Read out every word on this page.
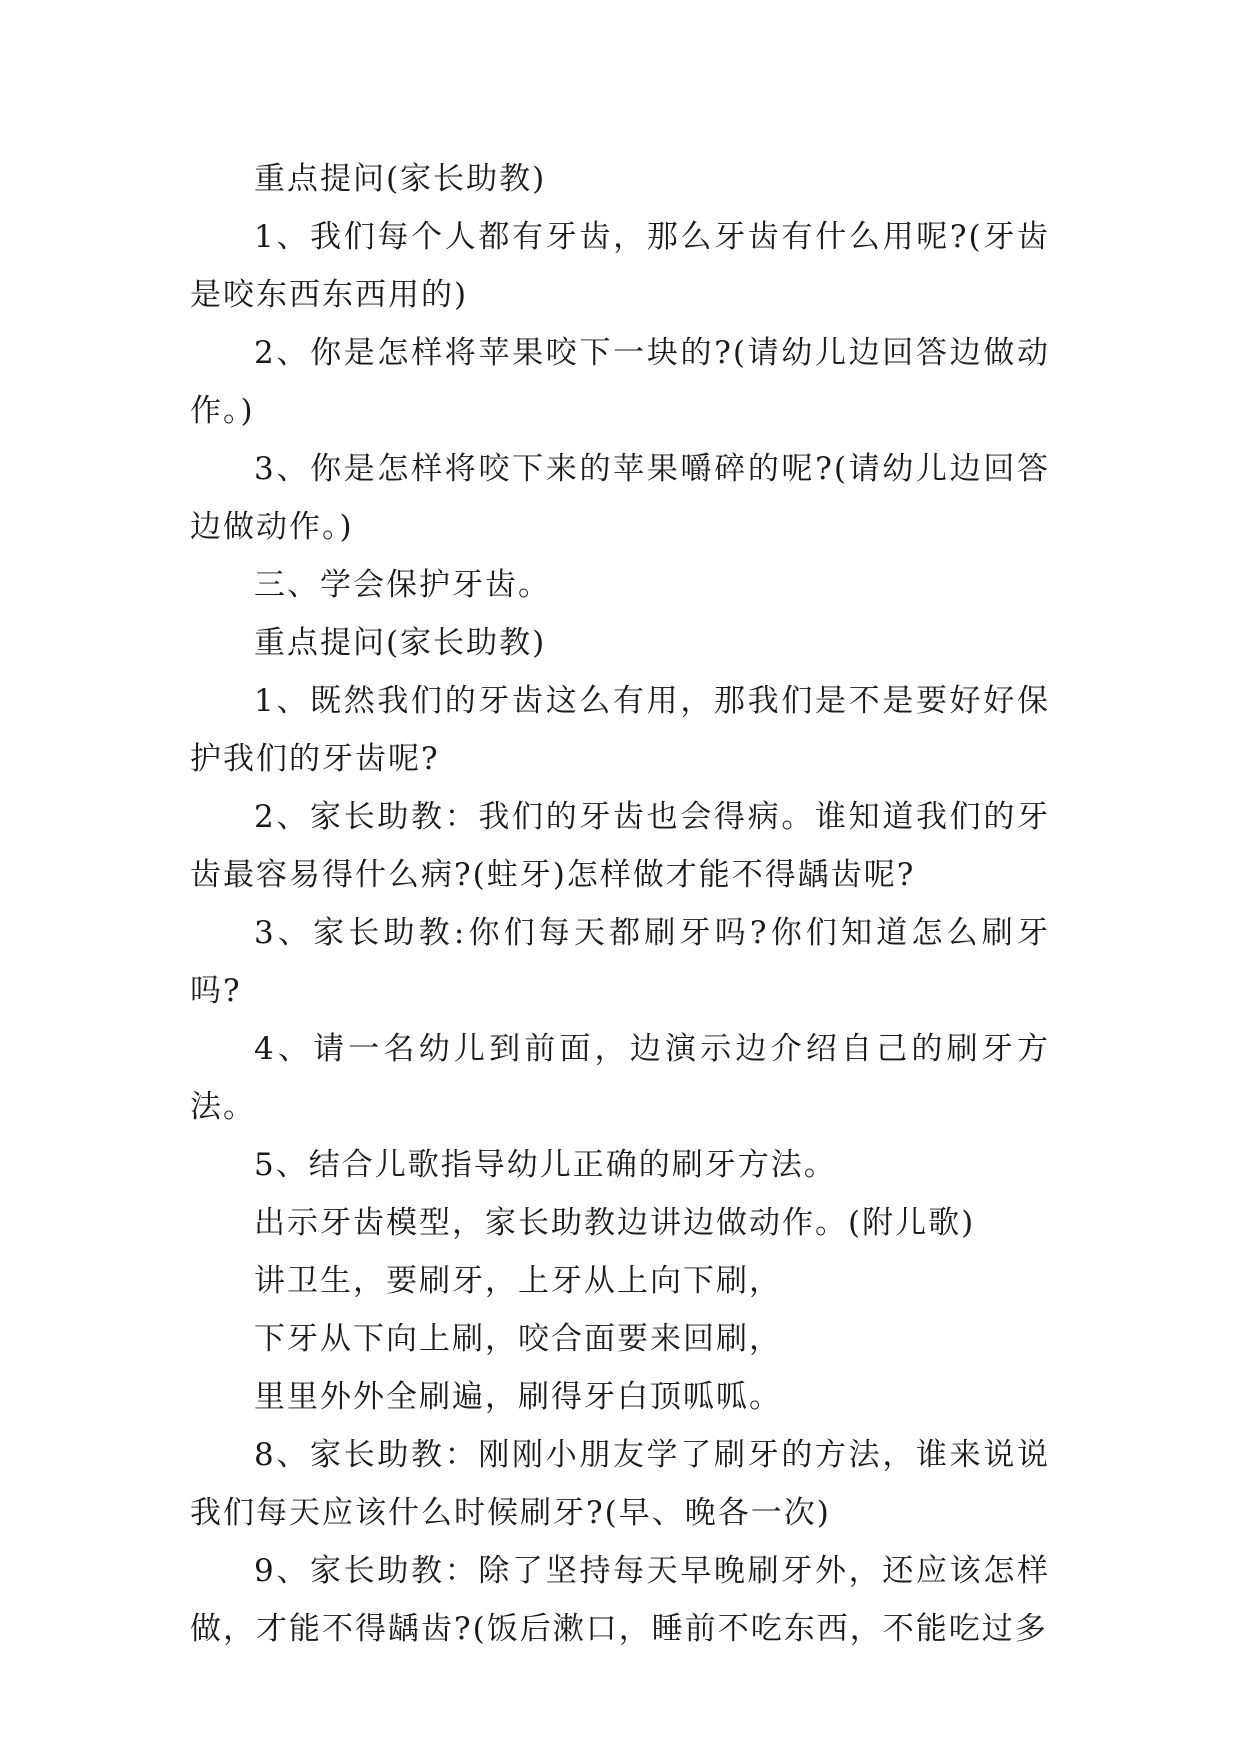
重点提问(家长助教)

1、我们每个人都有牙齿，那么牙齿有什么用呢?(牙齿是咬东西东西用的)

2、你是怎样将苹果咬下一块的?(请幼儿边回答边做动作。)

3、你是怎样将咬下来的苹果嚼碎的呢?(请幼儿边回答边做动作。)

三、学会保护牙齿。

重点提问(家长助教)

1、既然我们的牙齿这么有用，那我们是不是要好好保护我们的牙齿呢?

2、家长助教：我们的牙齿也会得病。谁知道我们的牙齿最容易得什么病?(蛀牙)怎样做才能不得龋齿呢?

3、家长助教:你们每天都刷牙吗?你们知道怎么刷牙吗?

4、请一名幼儿到前面，边演示边介绍自己的刷牙方法。

5、结合儿歌指导幼儿正确的刷牙方法。

出示牙齿模型，家长助教边讲边做动作。(附儿歌)

讲卫生，要刷牙，上牙从上向下刷，

下牙从下向上刷，咬合面要来回刷，

里里外外全刷遍，刷得牙白顶呱呱。

8、家长助教：刚刚小朋友学了刷牙的方法，谁来说说我们每天应该什么时候刷牙?(早、晚各一次)

9、家长助教：除了坚持每天早晚刷牙外，还应该怎样做，才能不得龋齿?(饭后漱口，睡前不吃东西，不能吃过多
